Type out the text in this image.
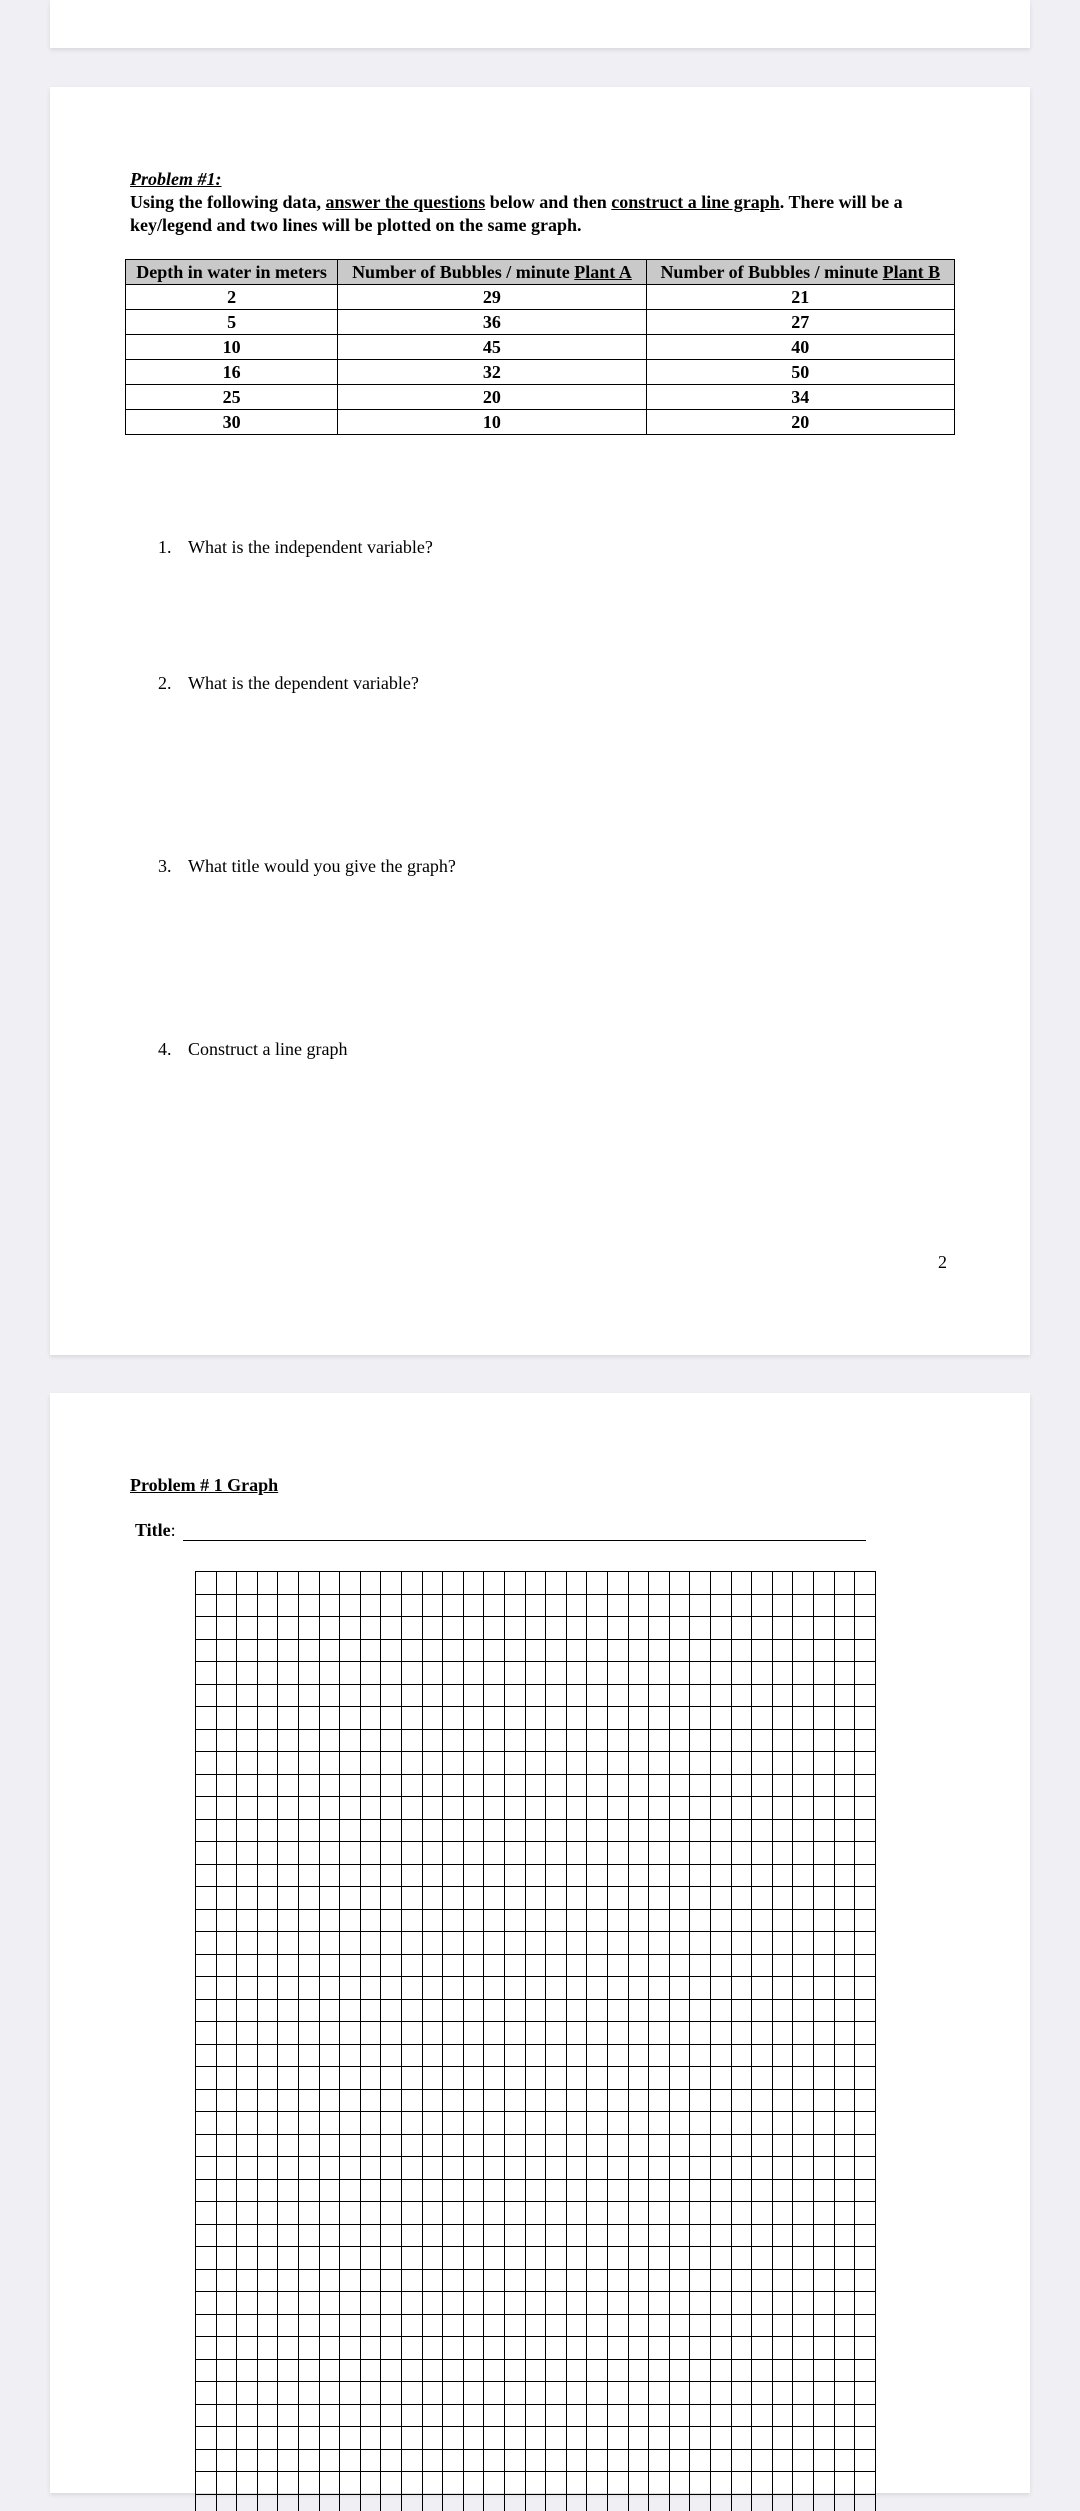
Problem #1:
Using the following data, answer the questions below and then construct a line graph. There will be a key/legend and two lines will be plotted on the same graph.
Depth in water in meters	Number of Bubbles / minute Plant A	Number of Bubbles / minute Plant B
2	29	21
5	36	27
10	45	40
16	32	50
25	20	34
30	10	20
1. What is the independent variable?
2. What is the dependent variable?
3. What title would you give the graph?
4. Construct a line graph
2
Problem # 1 Graph
Title:
